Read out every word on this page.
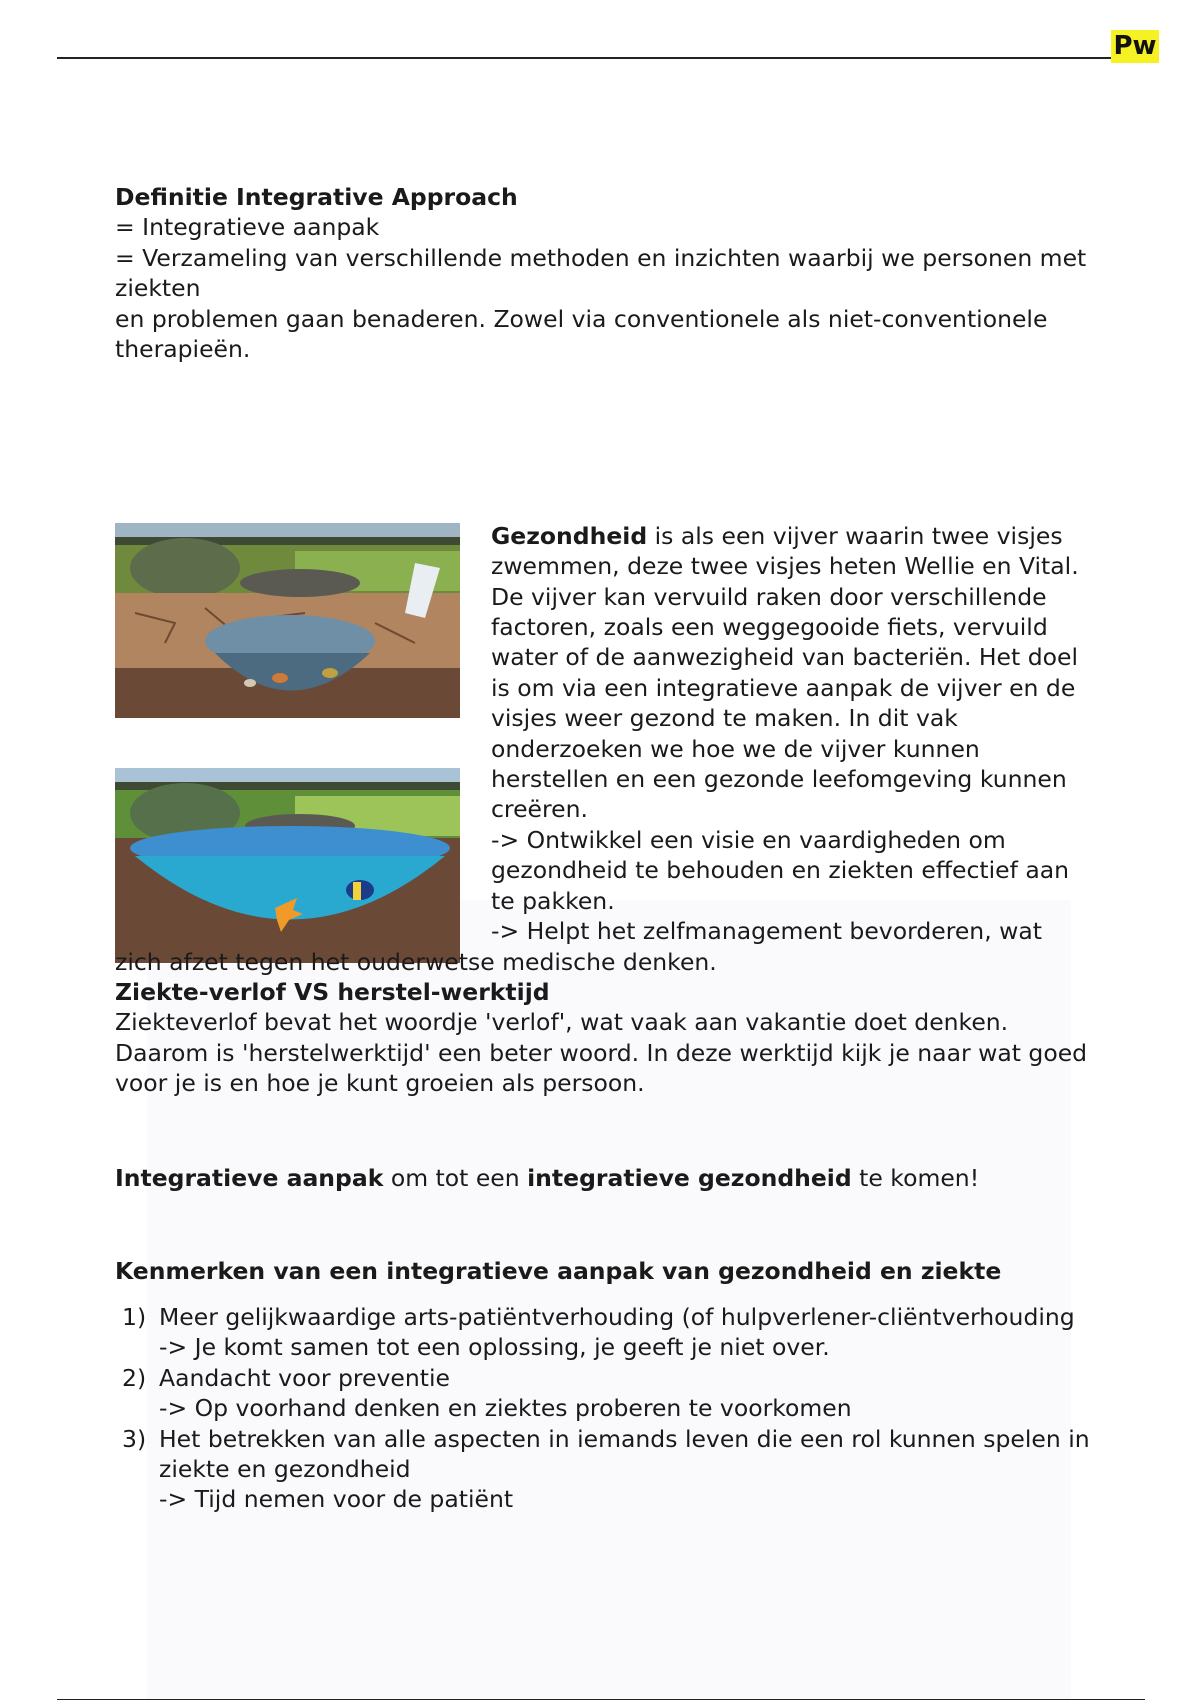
Pw
Definitie Integrative Approach
= Integratieve aanpak
= Verzameling van verschillende methoden en inzichten waarbij we personen met ziekten
en problemen gaan benaderen. Zowel via conventionele als niet-conventionele
therapieën.

Gezondheid is als een vijver waarin twee visjes zwemmen, deze twee visjes heten Wellie en Vital. De vijver kan vervuild raken door verschillende factoren, zoals een weggegooide fiets, vervuild water of de aanwezigheid van bacteriën. Het doel is om via een integratieve aanpak de vijver en de visjes weer gezond te maken. In dit vak onderzoeken we hoe we de vijver kunnen herstellen en een gezonde leefomgeving kunnen creëren.
-> Ontwikkel een visie en vaardigheden om gezondheid te behouden en ziekten effectief aan te pakken.
-> Helpt het zelfmanagement bevorderen, wat zich afzet tegen het ouderwetse medische denken.

Ziekte-verlof VS herstel-werktijd
Ziekteverlof bevat het woordje 'verlof', wat vaak aan vakantie doet denken. Daarom is 'herstelwerktijd' een beter woord. In deze werktijd kijk je naar wat goed voor je is en hoe je kunt groeien als persoon.
Integratieve aanpak om tot een integratieve gezondheid te komen!
Kenmerken van een integratieve aanpak van gezondheid en ziekte
1) Meer gelijkwaardige arts-patiëntverhouding (of hulpverlener-cliëntverhouding
-> Je komt samen tot een oplossing, je geeft je niet over.
2) Aandacht voor preventie
-> Op voorhand denken en ziektes proberen te voorkomen
3) Het betrekken van alle aspecten in iemands leven die een rol kunnen spelen in ziekte en gezondheid
-> Tijd nemen voor de patiënt
